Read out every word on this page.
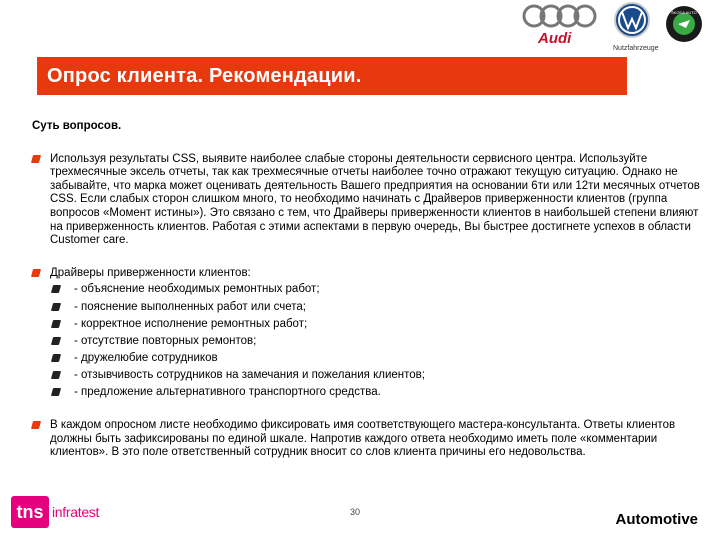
Audi
Nutzfahrzeuge
ŠKODA AUTO
Опрос клиента. Рекомендации.
Суть вопросов.
Используя результаты CSS, выявите наиболее слабые стороны деятельности сервисного центра. Используйте трехмесячные эксель отчеты, так как трехмесячные отчеты наиболее точно отражают текущую ситуацию. Однако не забывайте, что марка может оценивать деятельность Вашего предприятия на основании 6ти или 12ти месячных отчетов CSS. Если слабых сторон слишком много, то необходимо начинать с Драйверов приверженности клиентов (группа вопросов «Момент истины»). Это связано с тем, что Драйверы приверженности клиентов в наибольшей степени влияют на приверженность клиентов. Работая с этими аспектами в первую очередь, Вы быстрее достигнете успехов в области Customer care.
Драйверы приверженности клиентов:
- объяснение необходимых ремонтных работ;
- пояснение выполненных работ или счета;
- корректное исполнение ремонтных работ;
- отсутствие повторных ремонтов;
- дружелюбие сотрудников
- отзывчивость сотрудников на замечания и пожелания клиентов;
- предложение альтернативного транспортного средства.
В каждом опросном листе необходимо фиксировать имя соответствующего мастера-консультанта. Ответы клиентов должны быть зафиксированы по единой шкале. Напротив каждого ответа необходимо иметь поле «комментарии клиентов». В это поле ответственный сотрудник вносит со слов клиента причины его недовольства.
tns infratest	30	Automotive
